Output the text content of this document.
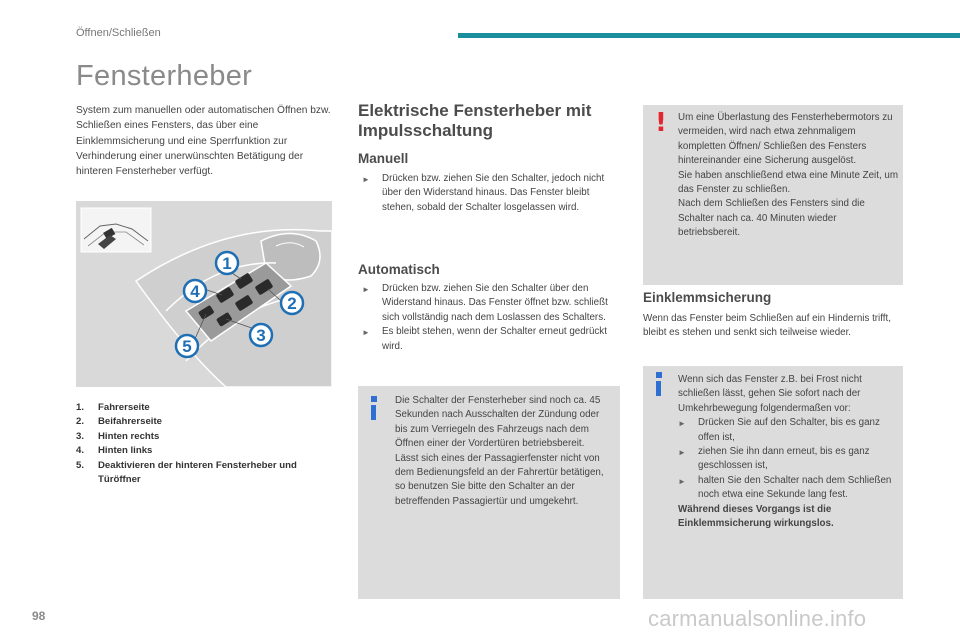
Öffnen/Schließen
Fensterheber
System zum manuellen oder automatischen Öffnen bzw. Schließen eines Fensters, das über eine Einklemmsicherung und eine Sperrfunktion zur Verhinderung einer unerwünschten Betätigung der hinteren Fensterheber verfügt.
1
2
3
4
5
1.	Fahrerseite
2.	Beifahrerseite
3.	Hinten rechts
4.	Hinten links
5.	Deaktivieren der hinteren Fensterheber und Türöffner
Elektrische Fensterheber mit Impulsschaltung
Manuell
►	Drücken bzw. ziehen Sie den Schalter, jedoch nicht über den Widerstand hinaus. Das Fenster bleibt stehen, sobald der Schalter losgelassen wird.
Automatisch
►	Drücken bzw. ziehen Sie den Schalter über den Widerstand hinaus. Das Fenster öffnet bzw. schließt sich vollständig nach dem Loslassen des Schalters.
►	Es bleibt stehen, wenn der Schalter erneut gedrückt wird.
Die Schalter der Fensterheber sind noch ca. 45 Sekunden nach Ausschalten der Zündung oder bis zum Verriegeln des Fahrzeugs nach dem Öffnen einer der Vordertüren betriebsbereit.
Lässt sich eines der Passagierfenster nicht von dem Bedienungsfeld an der Fahrertür betätigen, so benutzen Sie bitte den Schalter an der betreffenden Passagiertür und umgekehrt.
! Um eine Überlastung des Fensterhebermotors zu vermeiden, wird nach etwa zehnmaligem kompletten Öffnen/ Schließen des Fensters hintereinander eine Sicherung ausgelöst.
Sie haben anschließend etwa eine Minute Zeit, um das Fenster zu schließen.
Nach dem Schließen des Fensters sind die Schalter nach ca. 40 Minuten wieder betriebsbereit.
Einklemmsicherung
Wenn das Fenster beim Schließen auf ein Hindernis trifft, bleibt es stehen und senkt sich teilweise wieder.
Wenn sich das Fenster z.B. bei Frost nicht schließen lässt, gehen Sie sofort nach der Umkehrbewegung folgendermaßen vor:
►	Drücken Sie auf den Schalter, bis es ganz offen ist,
►	ziehen Sie ihn dann erneut, bis es ganz geschlossen ist,
►	halten Sie den Schalter nach dem Schließen noch etwa eine Sekunde lang fest.
Während dieses Vorgangs ist die Einklemmsicherung wirkungslos.
98	carmanualsonline.info
